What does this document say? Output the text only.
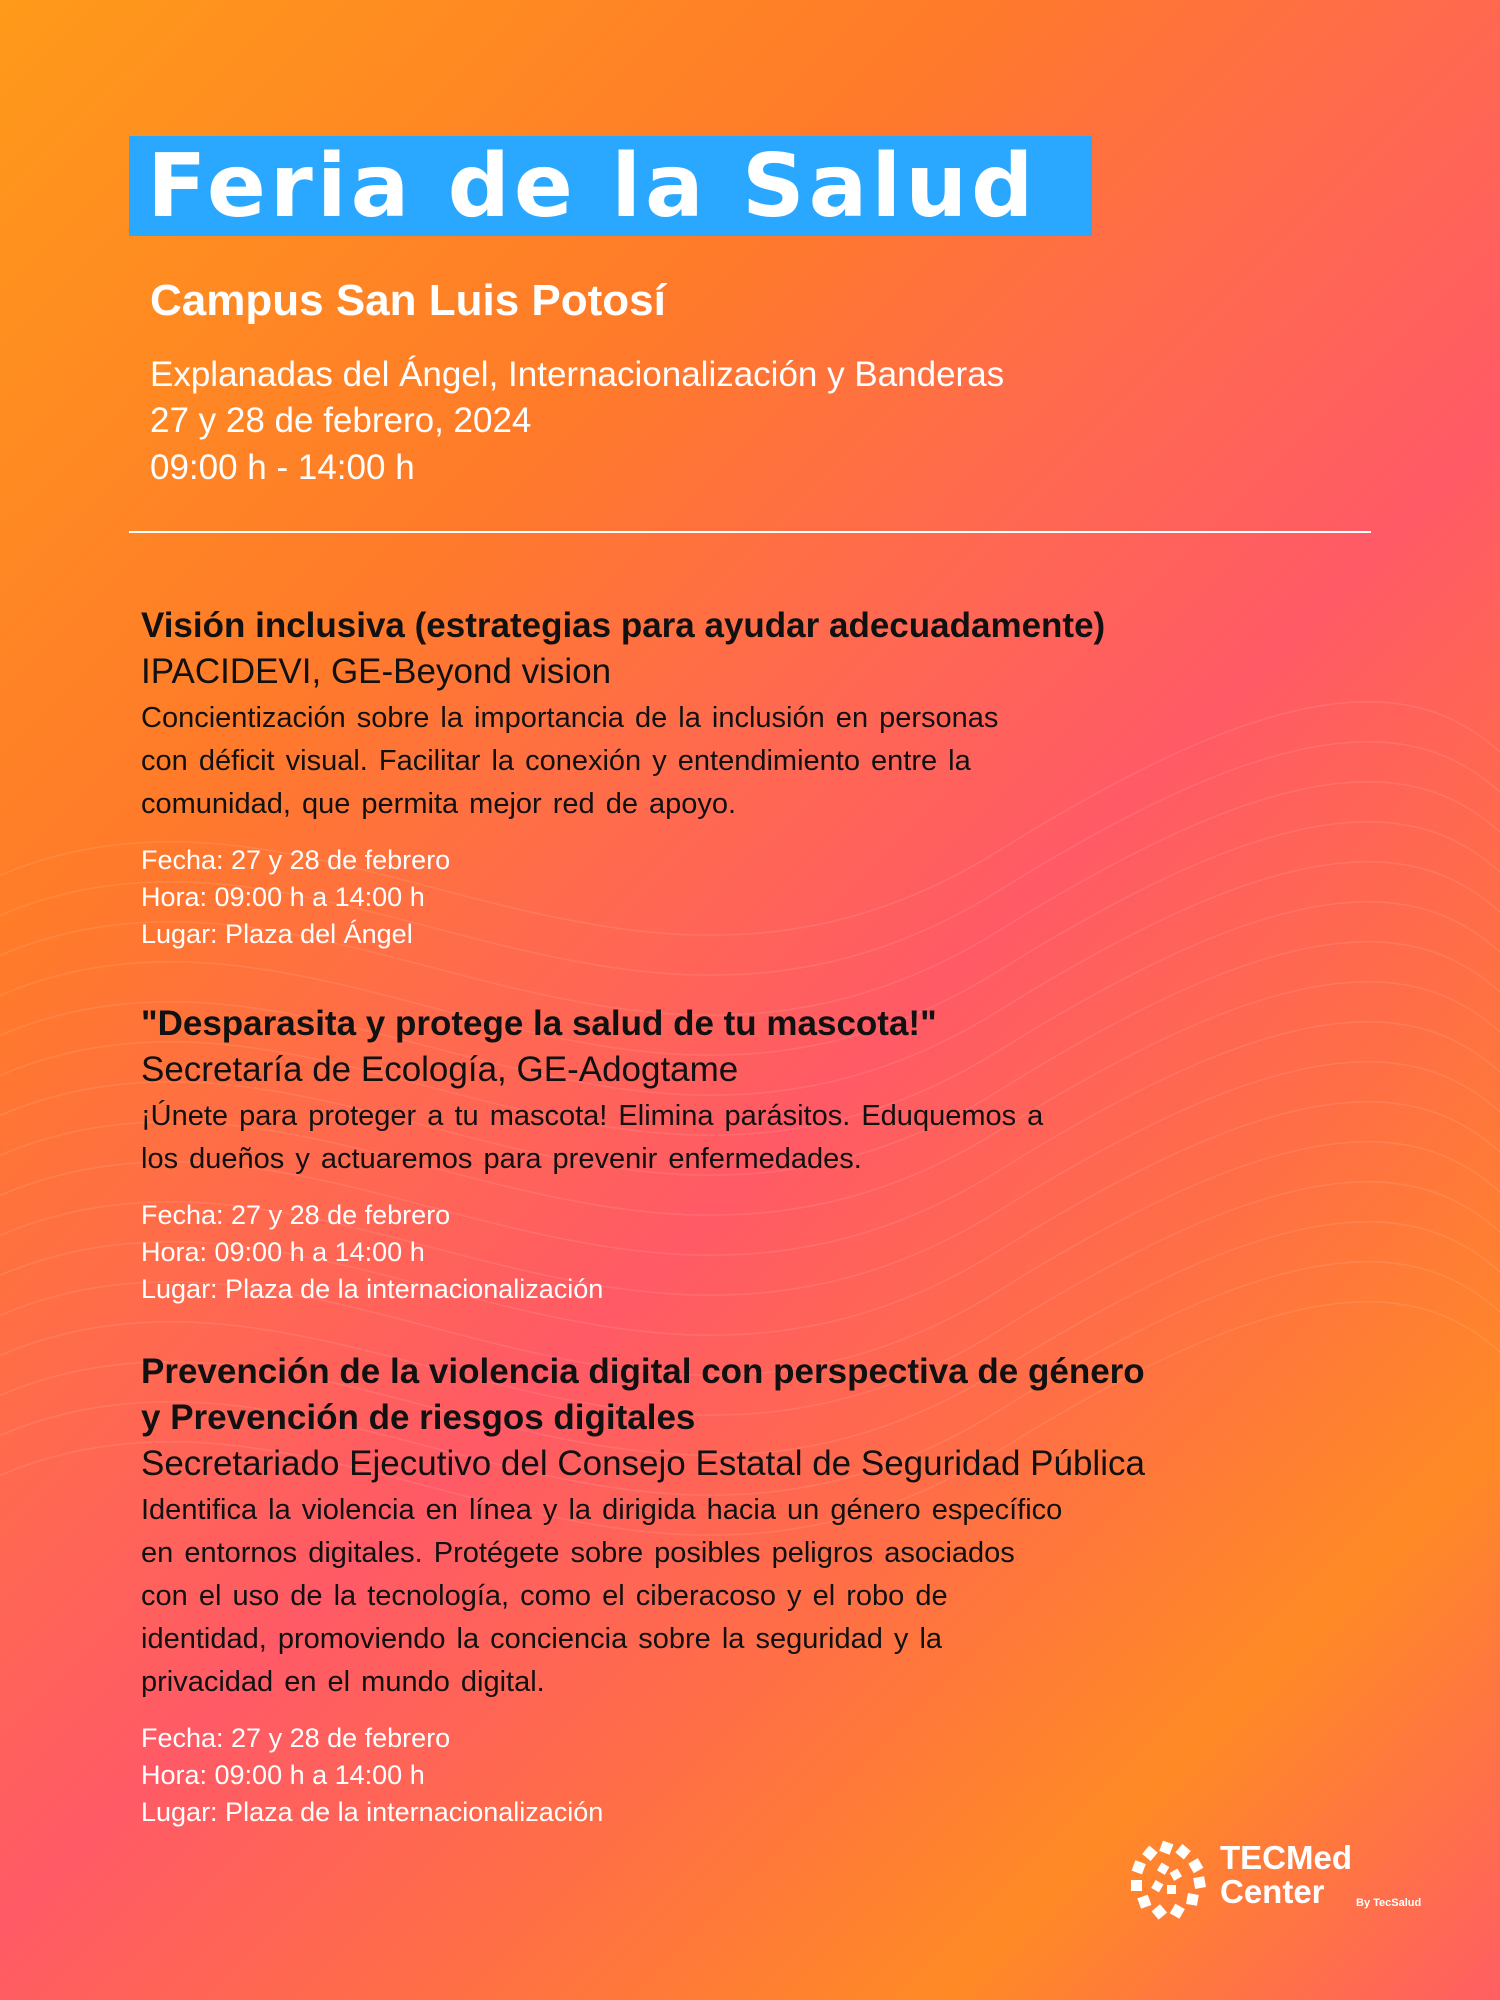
Feria de la Salud
Campus San Luis Potosí
Explanadas del Ángel, Internacionalización y Banderas
27 y 28 de febrero, 2024
09:00 h - 14:00 h
Visión inclusiva (estrategias para ayudar adecuadamente)
IPACIDEVI, GE-Beyond vision
Concientización sobre la importancia de la inclusión en personas
con déficit visual. Facilitar la conexión y entendimiento entre la
comunidad, que permita mejor red de apoyo.
Fecha: 27 y 28 de febrero
Hora: 09:00 h a 14:00 h
Lugar: Plaza del Ángel
"Desparasita y protege la salud de tu mascota!"
Secretaría de Ecología, GE-Adogtame
¡Únete para proteger a tu mascota! Elimina parásitos. Eduquemos a
los dueños y actuaremos para prevenir enfermedades.
Fecha: 27 y 28 de febrero
Hora: 09:00 h a 14:00 h
Lugar: Plaza de la internacionalización
Prevención de la violencia digital con perspectiva de género
y Prevención de riesgos digitales
Secretariado Ejecutivo del Consejo Estatal de Seguridad Pública
Identifica la violencia en línea y la dirigida hacia un género específico
en entornos digitales. Protégete sobre posibles peligros asociados
con el uso de la tecnología, como el ciberacoso y el robo de
identidad, promoviendo la conciencia sobre la seguridad y la
privacidad en el mundo digital.
Fecha: 27 y 28 de febrero
Hora: 09:00 h a 14:00 h
Lugar: Plaza de la internacionalización
TECMed
Center	By TecSalud
